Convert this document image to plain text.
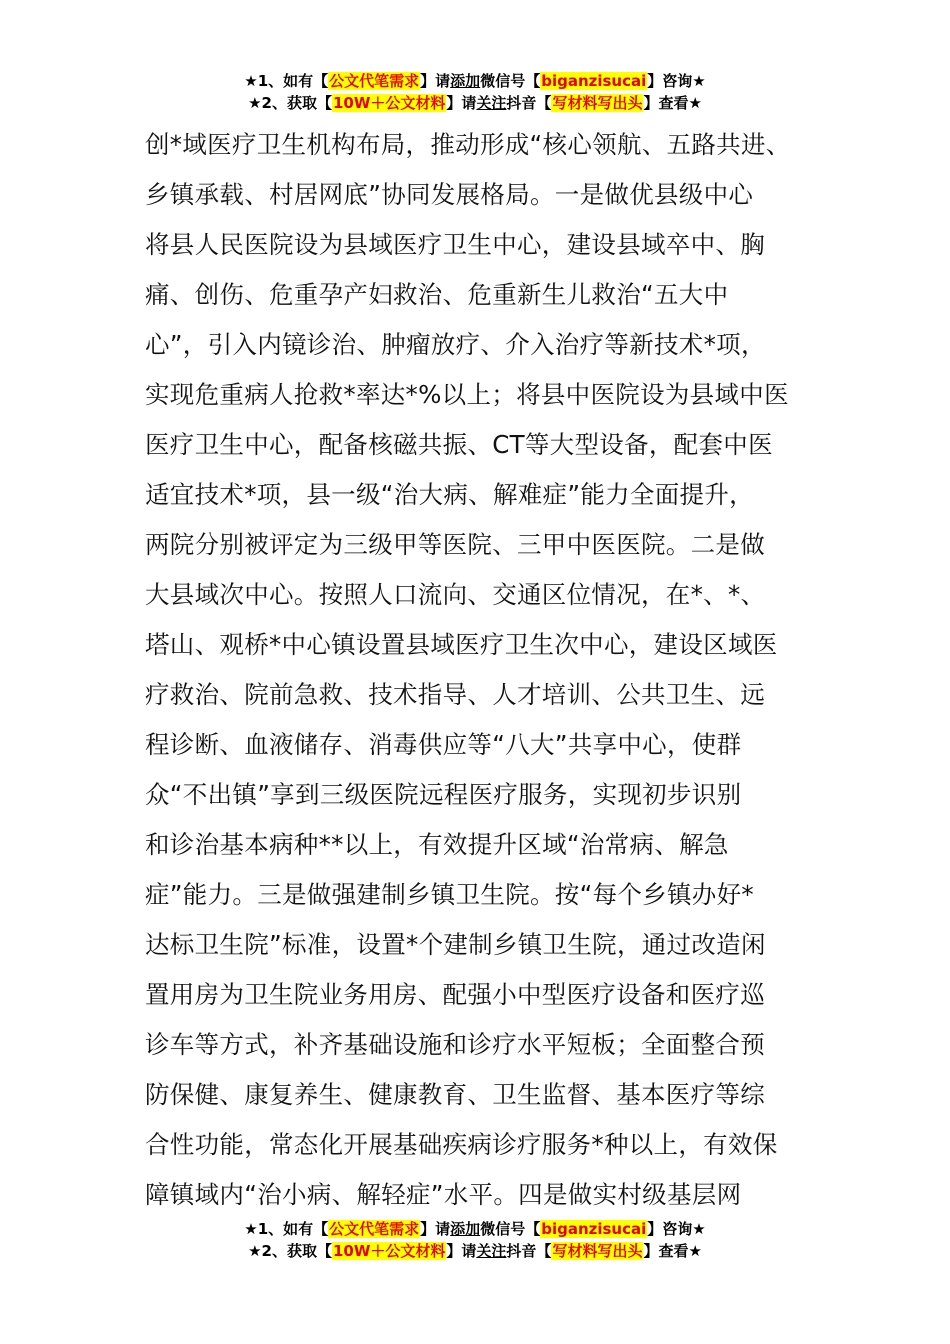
★1、如有【公文代笔需求】请添加微信号【biganzisucai】咨询★
★2、获取【10W＋公文材料】请关注抖音【写材料写出头】查看★
创*域医疗卫生机构布局，推动形成“核心领航、五路共进、
乡镇承载、村居网底”协同发展格局。一是做优县级中心
将县人民医院设为县域医疗卫生中心，建设县域卒中、胸
痛、创伤、危重孕产妇救治、危重新生儿救治“五大中
心”，引入内镜诊治、肿瘤放疗、介入治疗等新技术*项，
实现危重病人抢救*率达*%以上；将县中医院设为县域中医
医疗卫生中心，配备核磁共振、CT等大型设备，配套中医
适宜技术*项，县一级“治大病、解难症”能力全面提升，
两院分别被评定为三级甲等医院、三甲中医医院。二是做
大县域次中心。按照人口流向、交通区位情况，在*、*、
塔山、观桥*中心镇设置县域医疗卫生次中心，建设区域医
疗救治、院前急救、技术指导、人才培训、公共卫生、远
程诊断、血液储存、消毒供应等“八大”共享中心，使群
众“不出镇”享到三级医院远程医疗服务，实现初步识别
和诊治基本病种**以上，有效提升区域“治常病、解急
症”能力。三是做强建制乡镇卫生院。按“每个乡镇办好*
达标卫生院”标准，设置*个建制乡镇卫生院，通过改造闲
置用房为卫生院业务用房、配强小中型医疗设备和医疗巡
诊车等方式，补齐基础设施和诊疗水平短板；全面整合预
防保健、康复养生、健康教育、卫生监督、基本医疗等综
合性功能，常态化开展基础疾病诊疗服务*种以上，有效保
障镇域内“治小病、解轻症”水平。四是做实村级基层网
★1、如有【公文代笔需求】请添加微信号【biganzisucai】咨询★
★2、获取【10W＋公文材料】请关注抖音【写材料写出头】查看★
